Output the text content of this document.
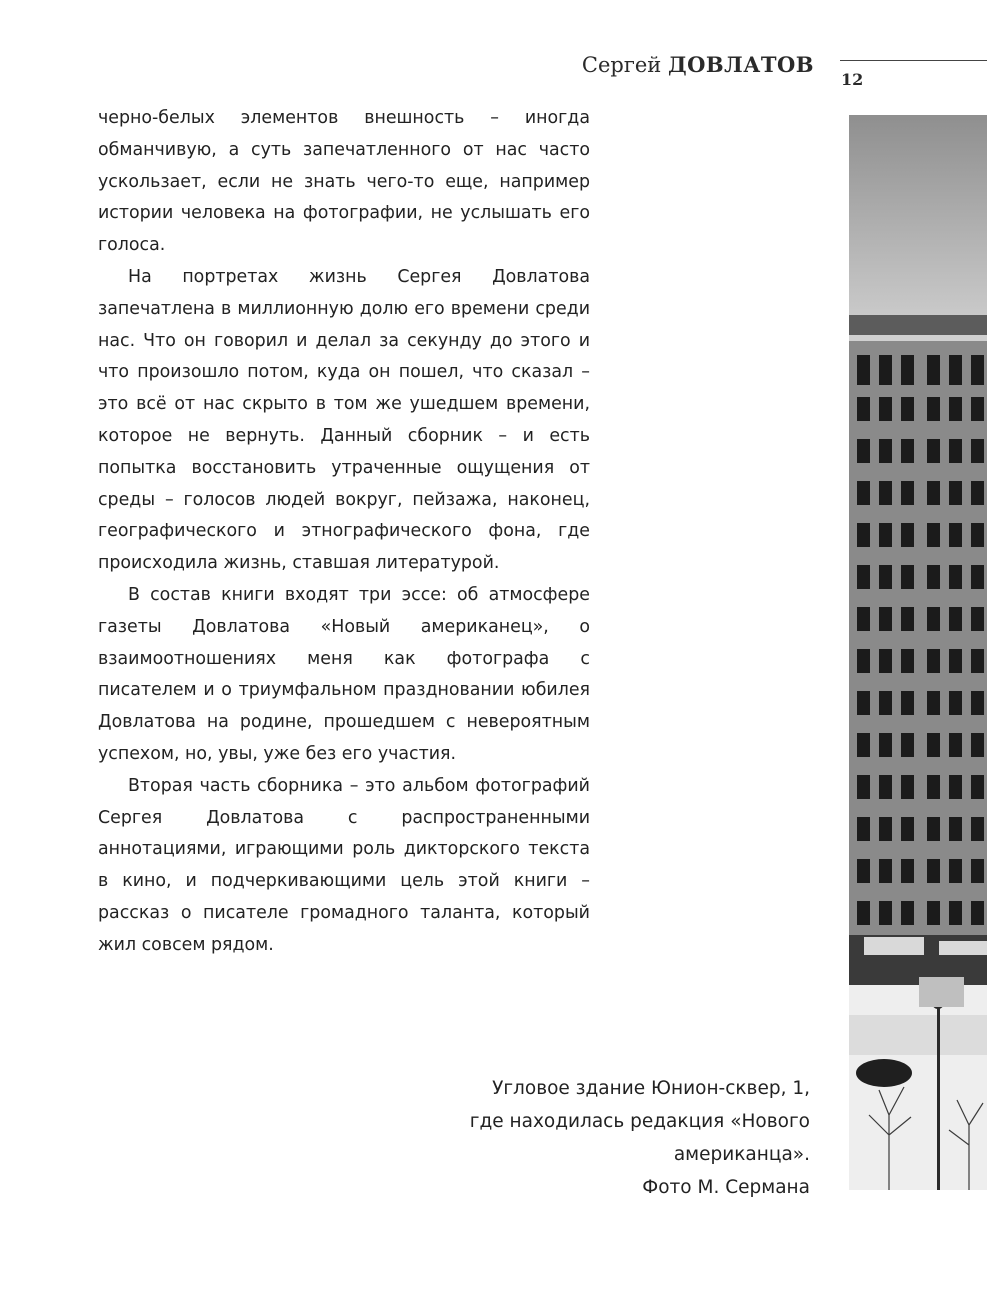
Сергей ДОВЛАТОВ
12

черно-белых элементов внешность – иногда обманчивую, а суть запечатленного от нас часто ускользает, если не знать чего-то еще, например истории человека на фотографии, не услышать его голоса.

На портретах жизнь Сергея Довлатова запечатлена в миллионную долю его времени среди нас. Что он говорил и делал за секунду до этого и что произошло потом, куда он пошел, что сказал – это всё от нас скрыто в том же ушедшем времени, которое не вернуть. Данный сборник – и есть попытка восстановить утраченные ощущения от среды – голосов людей вокруг, пейзажа, наконец, географического и этнографического фона, где происходила жизнь, ставшая литературой.

В состав книги входят три эссе: об атмосфере газеты Довлатова «Новый американец», о взаимоотношениях меня как фотографа с писателем и о триумфальном праздновании юбилея Довлатова на родине, прошедшем с невероятным успехом, но, увы, уже без его участия.

Вторая часть сборника – это альбом фотографий Сергея Довлатова с распространенными аннотациями, играющими роль дикторского текста в кино, и подчеркивающими цель этой книги – рассказ о писателе громадного таланта, который жил совсем рядом.

Угловое здание Юнион-сквер, 1,
где находилась редакция «Нового
американца».
Фото М. Сермана
